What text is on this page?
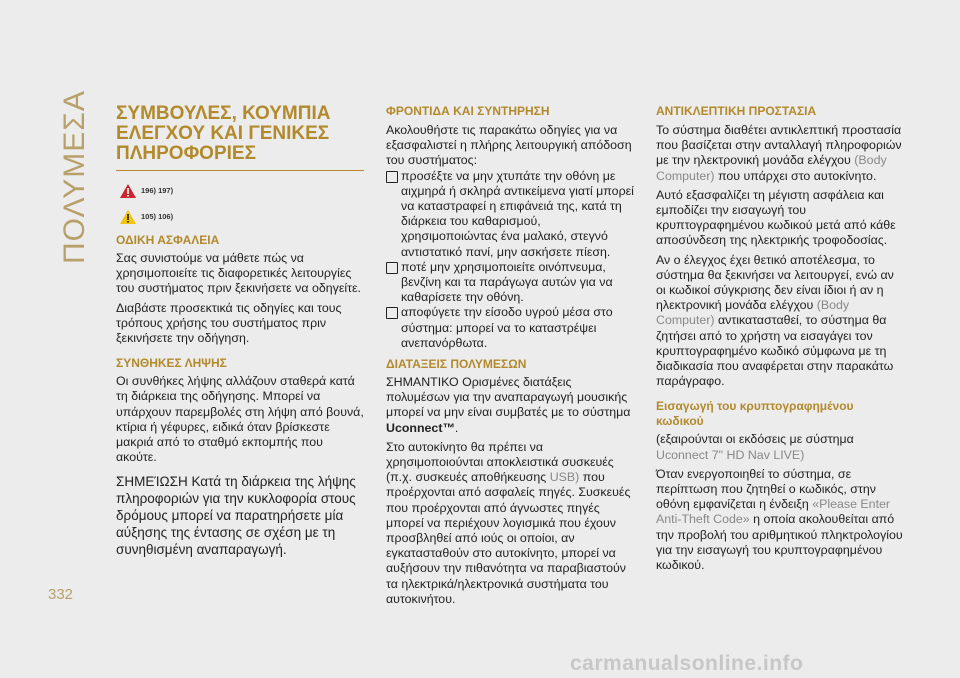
ΠΟΛΥΜΕΣΑ ΣΥΜΒΟΥΛΕΣ, ΚΟΥΜΠΙΑ
ΕΛΕΓΧΟΥ ΚΑΙ ΓΕΝΙΚΕΣ
ΠΛΗΡΟΦΟΡΙΕΣ
196) 197)
105) 106)
ΟΔΙΚΗ ΑΣΦΑΛΕΙΑ

Σας συνιστούμε να μάθετε πώς να χρησιμοποιείτε τις διαφορετικές λειτουργίες του συστήματος πριν ξεκινήσετε να οδηγείτε.

Διαβάστε προσεκτικά τις οδηγίες και τους τρόπους χρήσης του συστήματος πριν ξεκινήσετε την οδήγηση.

ΣΥΝΘΗΚΕΣ ΛΗΨΗΣ

Οι συνθήκες λήψης αλλάζουν σταθερά κατά τη διάρκεια της οδήγησης. Μπορεί να υπάρχουν παρεμβολές στη λήψη από βουνά, κτίρια ή γέφυρες, ειδικά όταν βρίσκεστε μακριά από το σταθμό εκπομπής που ακούτε.

ΣΗΜΕΊΩΣΗ Κατά τη διάρκεια της λήψης πληροφοριών για την κυκλοφορία στους δρόμους μπορεί να παρατηρήσετε μία αύξησης της έντασης σε σχέση με τη συνηθισμένη αναπαραγωγή.

ΦΡΟΝΤΙΔΑ ΚΑΙ ΣΥΝΤΗΡΗΣΗ

Ακολουθήστε τις παρακάτω οδηγίες για να εξασφαλιστεί η πλήρης λειτουργική απόδοση του συστήματος:

προσέξτε να μην χτυπάτε την οθόνη με αιχμηρά ή σκληρά αντικείμενα γιατί μπορεί να καταστραφεί η επιφάνειά της, κατά τη διάρκεια του καθαρισμού, χρησιμοποιώντας ένα μαλακό, στεγνό αντιστατικό πανί, μην ασκήσετε πίεση.
ποτέ μην χρησιμοποιείτε οινόπνευμα, βενζίνη και τα παράγωγα αυτών για να καθαρίσετε την οθόνη.
αποφύγετε την είσοδο υγρού μέσα στο σύστημα: μπορεί να το καταστρέψει ανεπανόρθωτα.
ΔΙΑΤΑΞΕΙΣ ΠΟΛΥΜΕΣΩΝ

ΣΗΜΑΝΤΙΚΟ Ορισμένες διατάξεις πολυμέσων για την αναπαραγωγή μουσικής μπορεί να μην είναι συμβατές με το σύστημα Uconnect™.

Στο αυτοκίνητο θα πρέπει να χρησιμοποιούνται αποκλειστικά συσκευές (π.χ. συσκευές αποθήκευσης USB) που προέρχονται από ασφαλείς πηγές. Συσκευές που προέρχονται από άγνωστες πηγές μπορεί να περιέχουν λογισμικά που έχουν προσβληθεί από ιούς οι οποίοι, αν εγκατασταθούν στο αυτοκίνητο, μπορεί να αυξήσουν την πιθανότητα να παραβιαστούν τα ηλεκτρικά/ηλεκτρονικά συστήματα του αυτοκινήτου.

ΑΝΤΙΚΛΕΠΤΙΚΗ ΠΡΟΣΤΑΣΙΑ

Το σύστημα διαθέτει αντικλεπτική προστασία που βασίζεται στην ανταλλαγή πληροφοριών με την ηλεκτρονική μονάδα ελέγχου (Body Computer) που υπάρχει στο αυτοκίνητο.

Αυτό εξασφαλίζει τη μέγιστη ασφάλεια και εμποδίζει την εισαγωγή του κρυπτογραφημένου κωδικού μετά από κάθε αποσύνδεση της ηλεκτρικής τροφοδοσίας.

Αν ο έλεγχος έχει θετικό αποτέλεσμα, το σύστημα θα ξεκινήσει να λειτουργεί, ενώ αν οι κωδικοί σύγκρισης δεν είναι ίδιοι ή αν η ηλεκτρονική μονάδα ελέγχου (Body Computer) αντικατασταθεί, το σύστημα θα ζητήσει από το χρήστη να εισαγάγει τον κρυπτογραφημένο κωδικό σύμφωνα με τη διαδικασία που αναφέρεται στην παρακάτω παράγραφο.

Εισαγωγή του κρυπτογραφημένου
κωδικού

(εξαιρούνται οι εκδόσεις με σύστημα Uconnect 7" HD Nav LIVE)

Όταν ενεργοποιηθεί το σύστημα, σε περίπτωση που ζητηθεί ο κωδικός, στην οθόνη εμφανίζεται η ένδειξη «Please Enter Anti-Theft Code» η οποία ακολουθείται από την προβολή του αριθμητικού πληκτρολογίου για την εισαγωγή του κρυπτογραφημένου κωδικού.

332
carmanualsonline.info
